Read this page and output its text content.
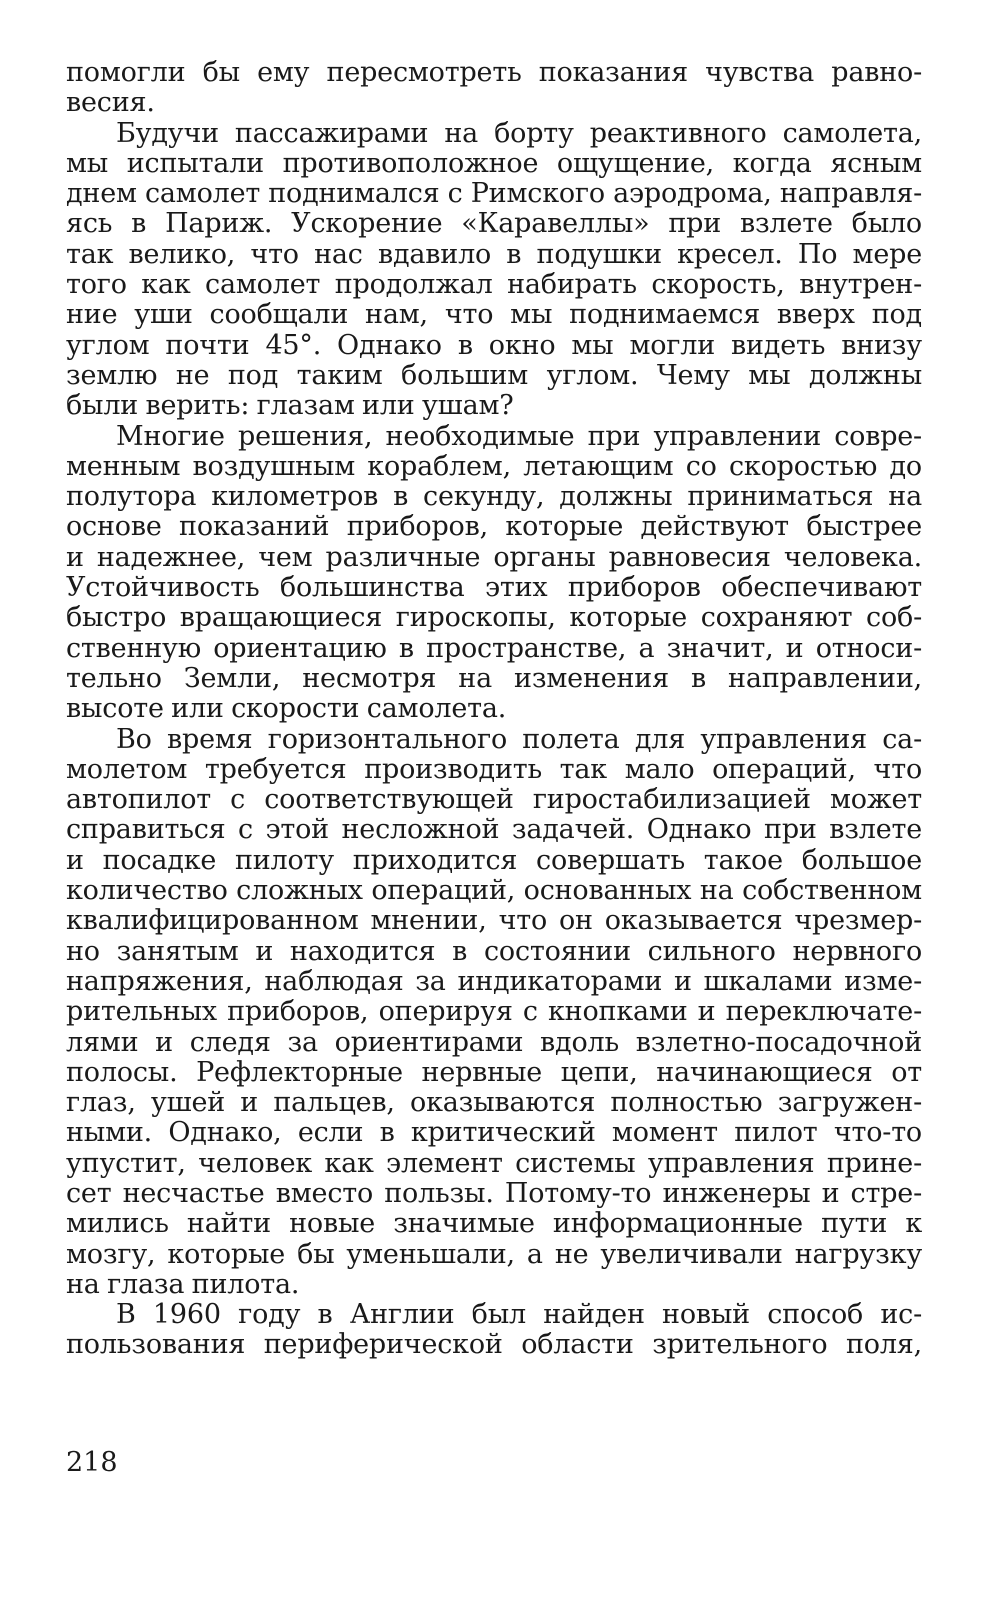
помогли бы ему пересмотреть показания чувства равно-
весия.
Будучи пассажирами на борту реактивного самолета,
мы испытали противоположное ощущение, когда ясным
днем самолет поднимался с Римского аэродрома, направля-
ясь в Париж. Ускорение «Каравеллы» при взлете было
так велико, что нас вдавило в подушки кресел. По мере
того как самолет продолжал набирать скорость, внутрен-
ние уши сообщали нам, что мы поднимаемся вверх под
углом почти 45°. Однако в окно мы могли видеть внизу
землю не под таким большим углом. Чему мы должны
были верить: глазам или ушам?
Многие решения, необходимые при управлении совре-
менным воздушным кораблем, летающим со скоростью до
полутора километров в секунду, должны приниматься на
основе показаний приборов, которые действуют быстрее
и надежнее, чем различные органы равновесия человека.
Устойчивость большинства этих приборов обеспечивают
быстро вращающиеся гироскопы, которые сохраняют соб-
ственную ориентацию в пространстве, а значит, и относи-
тельно Земли, несмотря на изменения в направлении,
высоте или скорости самолета.
Во время горизонтального полета для управления са-
молетом требуется производить так мало операций, что
автопилот с соответствующей гиростабилизацией может
справиться с этой несложной задачей. Однако при взлете
и посадке пилоту приходится совершать такое большое
количество сложных операций, основанных на собственном
квалифицированном мнении, что он оказывается чрезмер-
но занятым и находится в состоянии сильного нервного
напряжения, наблюдая за индикаторами и шкалами изме-
рительных приборов, оперируя с кнопками и переключате-
лями и следя за ориентирами вдоль взлетно-посадочной
полосы. Рефлекторные нервные цепи, начинающиеся от
глаз, ушей и пальцев, оказываются полностью загружен-
ными. Однако, если в критический момент пилот что-то
упустит, человек как элемент системы управления прине-
сет несчастье вместо пользы. Потому-то инженеры и стре-
мились найти новые значимые информационные пути к
мозгу, которые бы уменьшали, а не увеличивали нагрузку
на глаза пилота.
В 1960 году в Англии был найден новый способ ис-
пользования периферической области зрительного поля,
218
